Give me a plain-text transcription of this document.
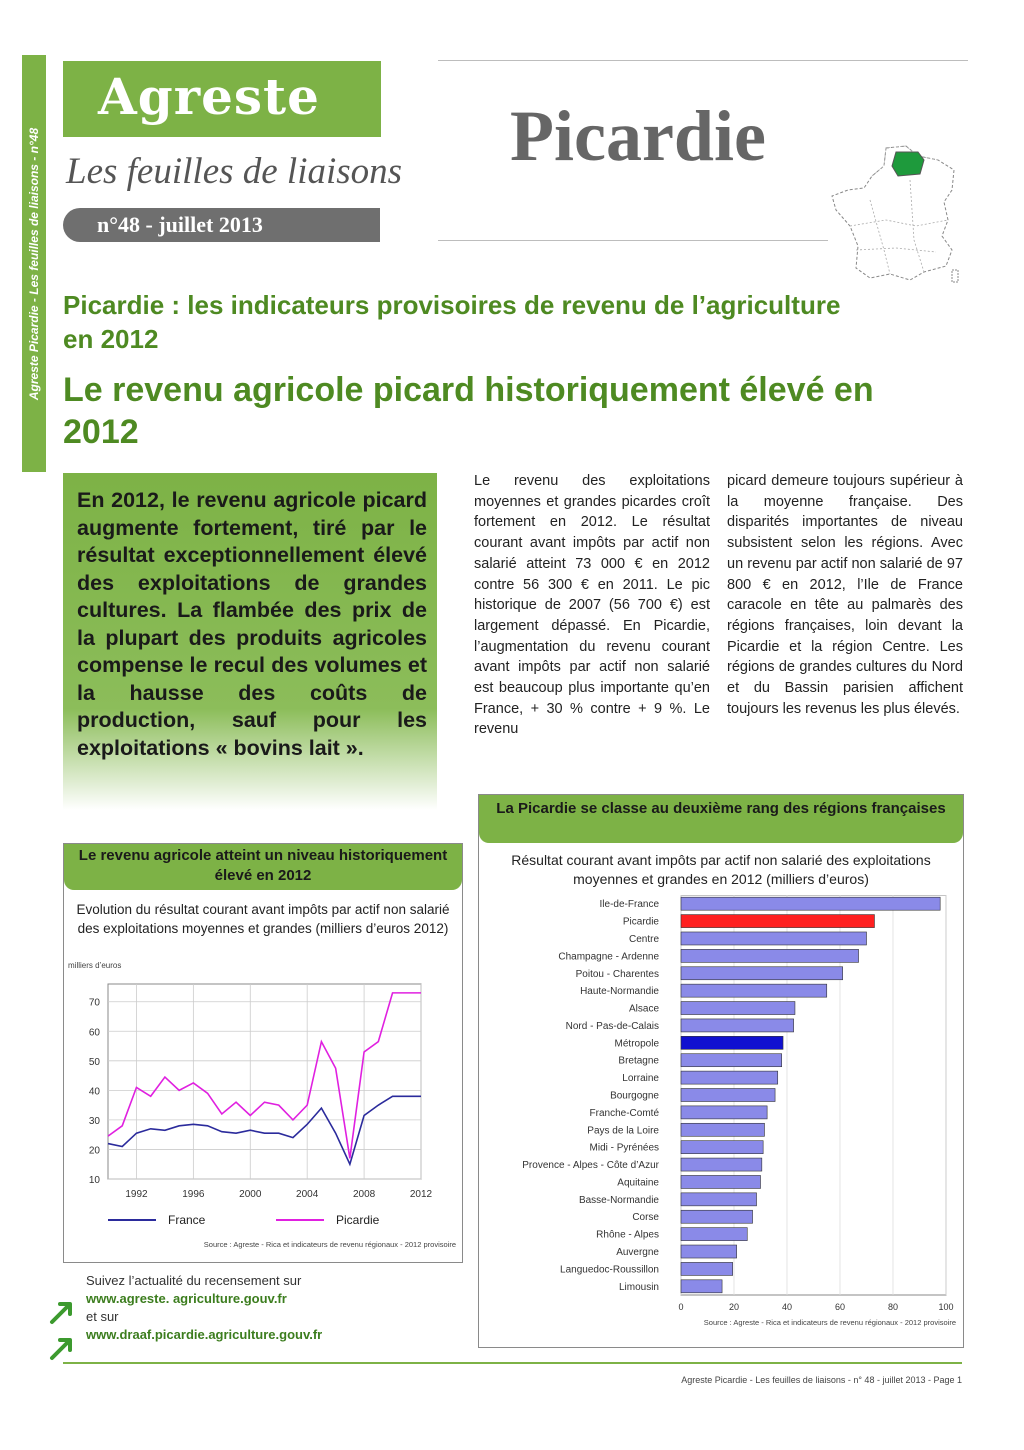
Agreste Picardie - Les feuilles de liaisons - n°48
Agreste
Les feuilles de liaisons
n°48 - juillet 2013
Picardie
Picardie : les indicateurs provisoires de revenu de l’agriculture en 2012
Le revenu agricole picard historiquement élevé en 2012

En 2012, le revenu agricole picard augmente fortement, tiré par le résultat exceptionnellement élevé des exploitations de grandes cultures. La flambée des prix de la plupart des produits agricoles compense le recul des volumes et la hausse des coûts de production, sauf pour les exploitations « bovins lait ».

Le revenu des exploitations moyennes et grandes picardes croît fortement en 2012. Le résultat courant avant impôts par actif non salarié atteint 73 000 € en 2012 contre 56 300 € en 2011. Le pic historique de 2007 (56 700 €) est largement dépassé. En Picardie, l’augmentation du revenu courant avant impôts par actif non salarié est beaucoup plus importante qu’en France, + 30 % contre + 9 %. Le revenu

picard demeure toujours supérieur à la moyenne française. Des disparités importantes de niveau subsistent selon les régions. Avec un revenu par actif non salarié de 97 800 € en 2012, l’Ile de France caracole en tête au palmarès des régions françaises, loin devant la Picardie et la région Centre. Les régions de grandes cultures du Nord et du Bassin parisien affichent toujours les revenus les plus élevés.

Le revenu agricole atteint un niveau historiquement élevé en 2012
Evolution du résultat courant avant impôts par actif non salarié des exploitations moyennes et grandes (milliers d’euros 2012)
milliers d’euros
10
20
30
40
50
60
70
1992	1996	2000	2004	2008	2012
France	Picardie
Source : Agreste - Rica et indicateurs de revenu régionaux - 2012 provisoire
La Picardie se classe au deuxième rang des régions françaises
Résultat courant avant impôts par actif non salarié des exploitations moyennes et grandes en 2012 (milliers d’euros)
0	20	40	60	80	100
Ile-de-France
Picardie
Centre
Champagne - Ardenne
Poitou - Charentes
Haute-Normandie
Alsace
Nord - Pas-de-Calais
Métropole
Bretagne
Lorraine
Bourgogne
Franche-Comté
Pays de la Loire
Midi - Pyrénées
Provence - Alpes - Côte d’Azur
Aquitaine
Basse-Normandie
Corse
Rhône - Alpes
Auvergne
Languedoc-Roussillon
Limousin
Source : Agreste - Rica et indicateurs de revenu régionaux - 2012 provisoire
Suivez l’actualité du recensement sur
www.agreste. agriculture.gouv.fr
et sur
www.draaf.picardie.agriculture.gouv.fr
Agreste Picardie - Les feuilles de liaisons - n° 48 - juillet 2013 - Page 1
